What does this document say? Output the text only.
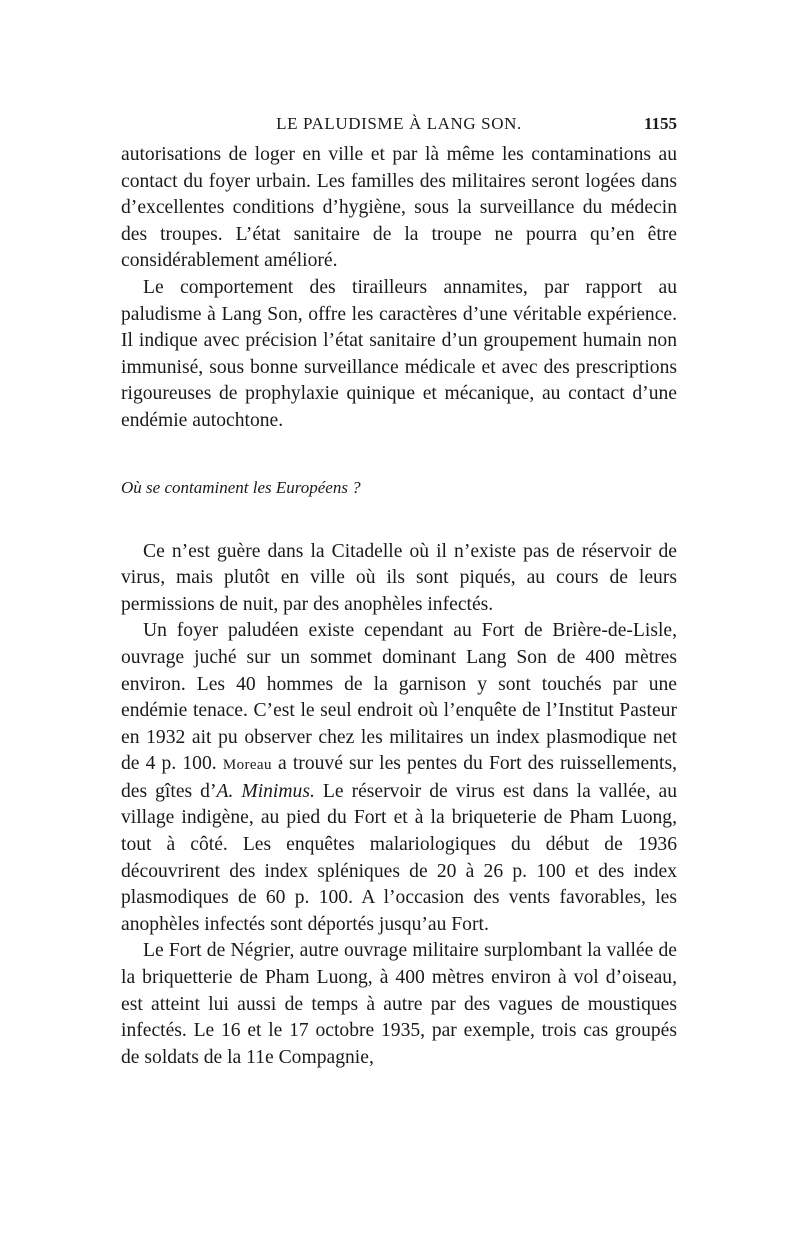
LE PALUDISME À LANG SON.	1155

autorisations de loger en ville et par là même les contaminations au contact du foyer urbain. Les familles des militaires seront logées dans d’excellentes conditions d’hygiène, sous la surveillance du médecin des troupes. L’état sanitaire de la troupe ne pourra qu’en être considérablement amélioré.

Le comportement des tirailleurs annamites, par rapport au paludisme à Lang Son, offre les caractères d’une véritable expérience. Il indique avec précision l’état sanitaire d’un groupement humain non immunisé, sous bonne surveillance médicale et avec des prescriptions rigoureuses de prophylaxie quinique et mécanique, au contact d’une endémie autochtone.

Où se contaminent les Européens ?

Ce n’est guère dans la Citadelle où il n’existe pas de réservoir de virus, mais plutôt en ville où ils sont piqués, au cours de leurs permissions de nuit, par des anophèles infectés.

Un foyer paludéen existe cependant au Fort de Brière-de-Lisle, ouvrage juché sur un sommet dominant Lang Son de 400 mètres environ. Les 40 hommes de la garnison y sont touchés par une endémie tenace. C’est le seul endroit où l’enquête de l’Institut Pasteur en 1932 ait pu observer chez les militaires un index plasmodique net de 4 p. 100. Moreau a trouvé sur les pentes du Fort des ruissellements, des gîtes d’A. Minimus. Le réservoir de virus est dans la vallée, au village indigène, au pied du Fort et à la briqueterie de Pham Luong, tout à côté. Les enquêtes malariologiques du début de 1936 découvrirent des index spléniques de 20 à 26 p. 100 et des index plasmodiques de 60 p. 100. A l’occasion des vents favorables, les anophèles infectés sont déportés jusqu’au Fort.

Le Fort de Négrier, autre ouvrage militaire surplombant la vallée de la briquetterie de Pham Luong, à 400 mètres environ à vol d’oiseau, est atteint lui aussi de temps à autre par des vagues de moustiques infectés. Le 16 et le 17 octobre 1935, par exemple, trois cas groupés de soldats de la 11e Compagnie,
